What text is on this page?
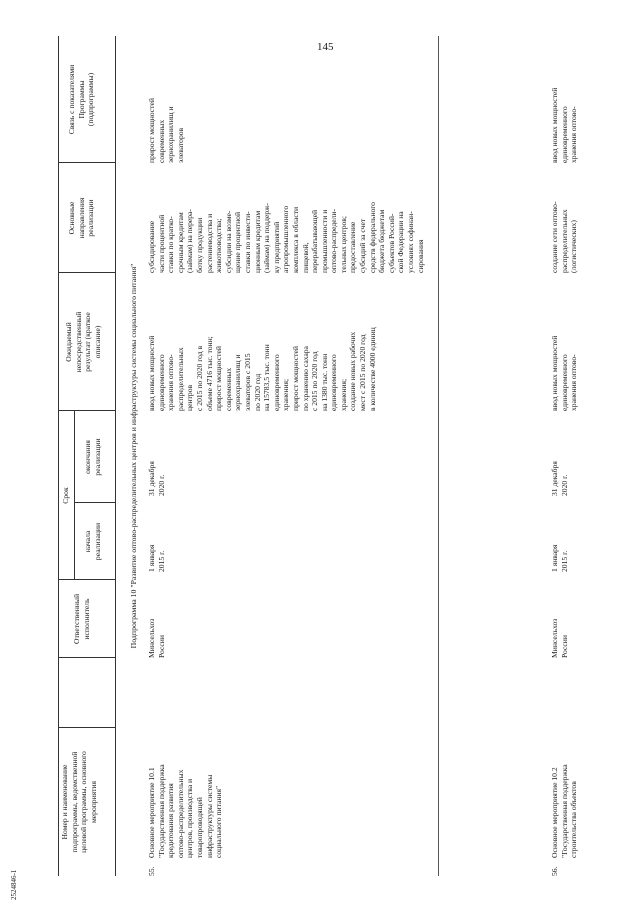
145
2524846-1
Номер и наименование
подпрограммы, ведомственной
целевой программы, основного
мероприятия
Ответственный
исполнитель
Срок
начала
реализации
окончания
реализации
Ожидаемый
непосредственный
результат (краткое
описание)
Основные
направления
реализации
Связь с показателями
Программы
(подпрограммы)
Подпрограмма 10 "Развитие оптово-распределительных центров и инфраструктуры системы социального питания"
55.
Основное мероприятие 10.1
"Государственная поддержка
кредитования развития
оптово-распределительных
центров, производства и
товаропроводящей
инфраструктуры системы
социального питания"
Минсельхоз
России
1 января
2015 г.
31 декабря
2020 г.
ввод новых мощностей
единовременного
хранения оптово-
распределительных
центров
с 2015 по 2020 год в
объеме 4716 тыс. тонн;
прирост мощностей
современных
зернохранилищ и
элеваторов с 2015
по 2020 год
на 15783,5 тыс. тонн
единовременного
хранения;
прирост мощностей
по хранению сахара
с 2015 по 2020 год
на 1380 тыс. тонн
единовременного
хранения;
создание новых рабочих
мест с 2015 по 2020 год
в количестве 4000 единиц
субсидирование
части процентной
ставки по кратко-
срочным кредитам
(займам) на перера-
ботку продукции
растениеводства и
животноводства;
субсидии на возме-
щение процентной
ставки по инвести-
ционным кредитам
(займам) на поддерж-
ку предприятий
агропромышленного
комплекса в области
пищевой,
перерабатывающей
промышленности и
оптово-распредели-
тельных центров;
предоставление
субсидий за счет
средств федерального
бюджета бюджетам
субъектов Россий-
ской Федерации на
условиях софинан-
сирования
прирост мощностей
современных
зернохранилищ и
элеваторов
56.
Основное мероприятие 10.2
"Государственная поддержка
строительства объектов
Минсельхоз
России
1 января
2015 г.
31 декабря
2020 г.
ввод новых мощностей
единовременного
хранения оптово-
создание сети оптово-
распределительных
(логистических)
ввод новых мощностей
единовременного
хранения оптово-
